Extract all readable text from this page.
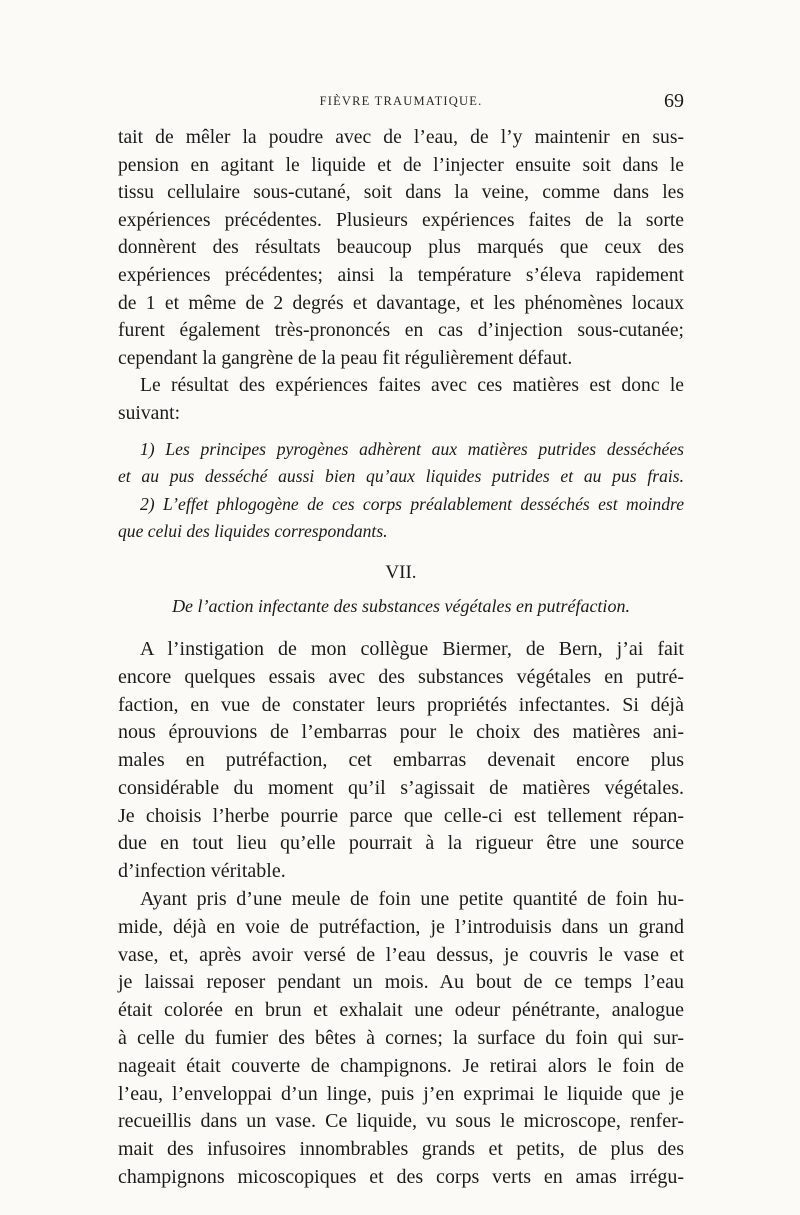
FIÈVRE TRAUMATIQUE.	69
tait de mêler la poudre avec de l’eau, de l’y maintenir en sus-
pension en agitant le liquide et de l’injecter ensuite soit dans le
tissu cellulaire sous-cutané, soit dans la veine, comme dans les
expériences précédentes. Plusieurs expériences faites de la sorte
donnèrent des résultats beaucoup plus marqués que ceux des
expériences précédentes; ainsi la température s’éleva rapidement
de 1 et même de 2 degrés et davantage, et les phénomènes locaux
furent également très-prononcés en cas d’injection sous-cutanée;
cependant la gangrène de la peau fit régulièrement défaut.
Le résultat des expériences faites avec ces matières est donc le
suivant:
1) Les principes pyrogènes adhèrent aux matières putrides desséchées
et au pus desséché aussi bien qu’aux liquides putrides et au pus frais.
2) L’effet phlogogène de ces corps préalablement desséchés est moindre
que celui des liquides correspondants.
VII.
De l’action infectante des substances végétales en putréfaction.
A l’instigation de mon collègue Biermer, de Bern, j’ai fait
encore quelques essais avec des substances végétales en putré-
faction, en vue de constater leurs propriétés infectantes. Si déjà
nous éprouvions de l’embarras pour le choix des matières ani-
males en putréfaction, cet embarras devenait encore plus
considérable du moment qu’il s’agissait de matières végétales.
Je choisis l’herbe pourrie parce que celle-ci est tellement répan-
due en tout lieu qu’elle pourrait à la rigueur être une source
d’infection véritable.
Ayant pris d’une meule de foin une petite quantité de foin hu-
mide, déjà en voie de putréfaction, je l’introduisis dans un grand
vase, et, après avoir versé de l’eau dessus, je couvris le vase et
je laissai reposer pendant un mois. Au bout de ce temps l’eau
était colorée en brun et exhalait une odeur pénétrante, analogue
à celle du fumier des bêtes à cornes; la surface du foin qui sur-
nageait était couverte de champignons. Je retirai alors le foin de
l’eau, l’enveloppai d’un linge, puis j’en exprimai le liquide que je
recueillis dans un vase. Ce liquide, vu sous le microscope, renfer-
mait des infusoires innombrables grands et petits, de plus des
champignons micoscopiques et des corps verts en amas irrégu-
